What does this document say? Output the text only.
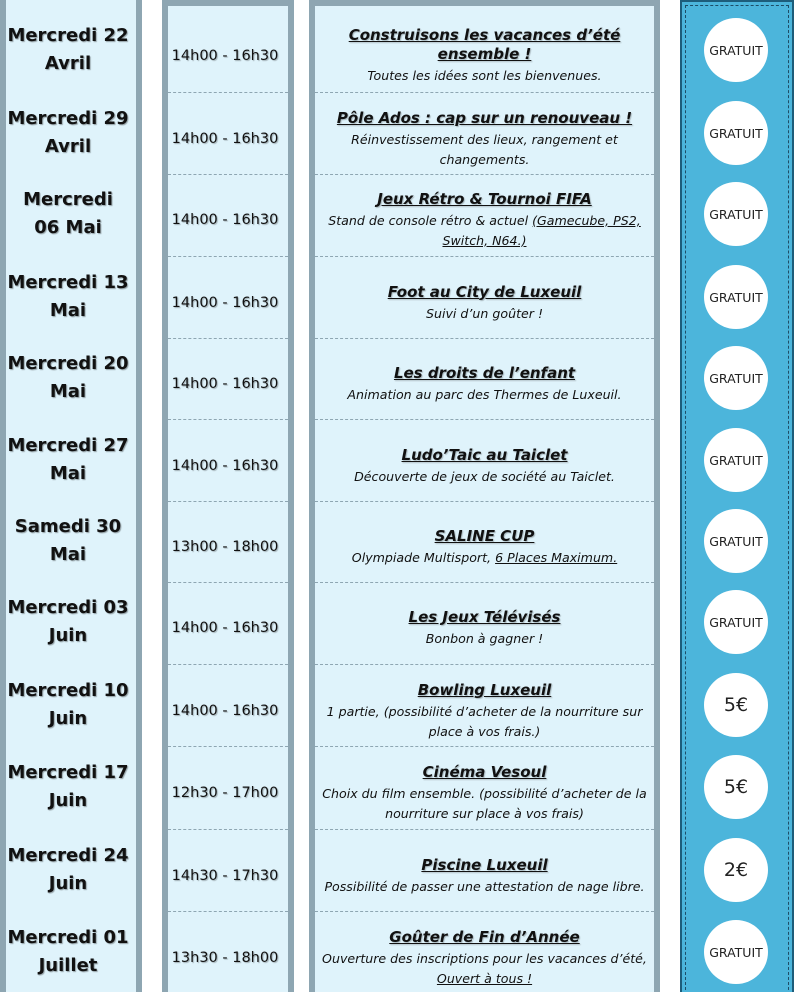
Mercredi 22
Avril
Mercredi 29
Avril
Mercredi
06 Mai
Mercredi 13
Mai
Mercredi 20
Mai
Mercredi 27
Mai
Samedi 30
Mai
Mercredi 03
Juin
Mercredi 10
Juin
Mercredi 17
Juin
Mercredi 24
Juin
Mercredi 01
Juillet
14h00 - 16h30
14h00 - 16h30
14h00 - 16h30
14h00 - 16h30
14h00 - 16h30
14h00 - 16h30
13h00 - 18h00
14h00 - 16h30
14h00 - 16h30
12h30 - 17h00
14h30 - 17h30
13h30 - 18h00
Construisons les vacances d’été ensemble !
Toutes les idées sont les bienvenues.
Pôle Ados : cap sur un renouveau !
Réinvestissement des lieux, rangement et changements.
Jeux Rétro & Tournoi FIFA
Stand de console rétro & actuel (Gamecube, PS2, Switch, N64.)
Foot au City de Luxeuil
Suivi d’un goûter !
Les droits de l’enfant
Animation au parc des Thermes de Luxeuil.
Ludo’Taic au Taiclet
Découverte de jeux de société au Taiclet.
SALINE CUP
Olympiade Multisport, 6 Places Maximum.
Les Jeux Télévisés
Bonbon à gagner !
Bowling Luxeuil
1 partie, (possibilité d’acheter de la nourriture sur place à vos frais.)
Cinéma Vesoul
Choix du film ensemble. (possibilité d’acheter de la nourriture sur place à vos frais)
Piscine Luxeuil
Possibilité de passer une attestation de nage libre.
Goûter de Fin d’Année
Ouverture des inscriptions pour les vacances d’été, Ouvert à tous !
GRATUIT
GRATUIT
GRATUIT
GRATUIT
GRATUIT
GRATUIT
GRATUIT
GRATUIT
5€
5€
2€
GRATUIT
